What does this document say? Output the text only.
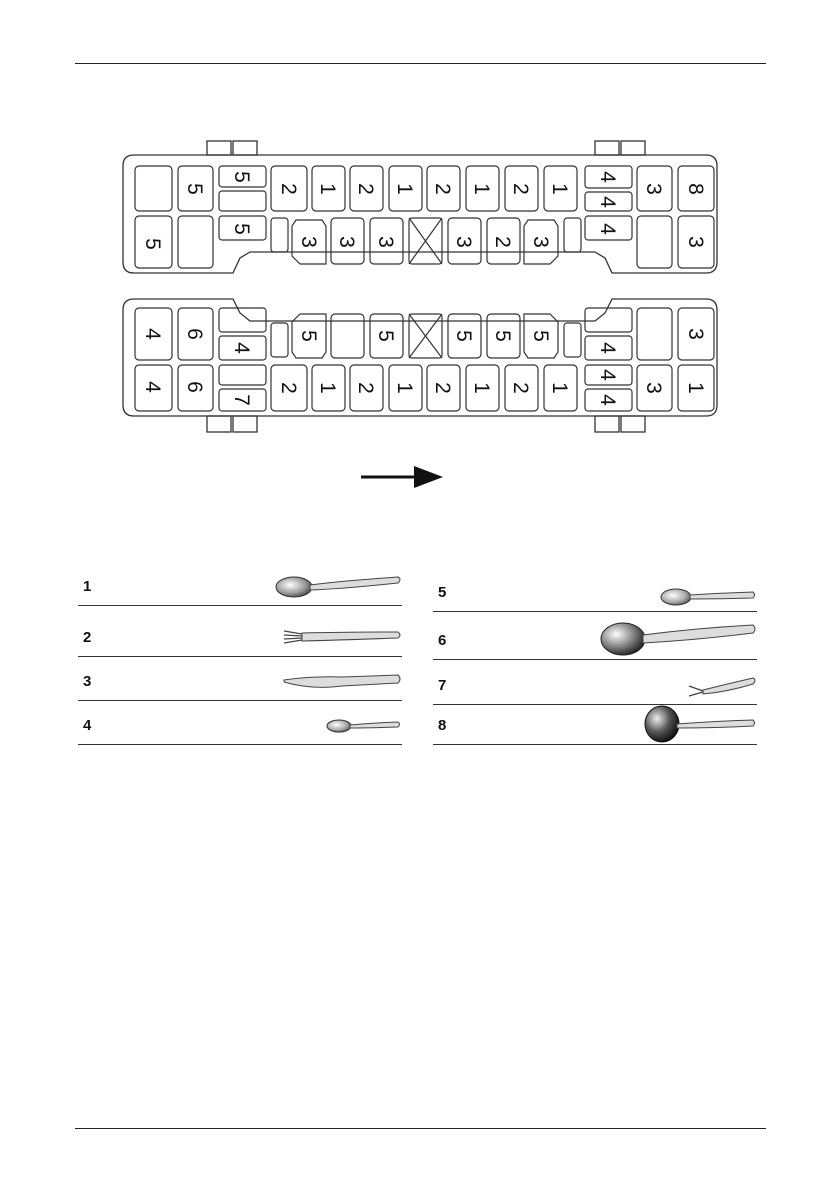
5
5
2 1 2 1 2 1 2 1
4
4
3 8
5
5
3 3 3	3 2 3
4
3
4 6
4
5	5	5 5 5
4
3
4 6
7
2 1 2 1 2 1 2 1
4
4
3 1
1
2
3
4
5
6
7
8
